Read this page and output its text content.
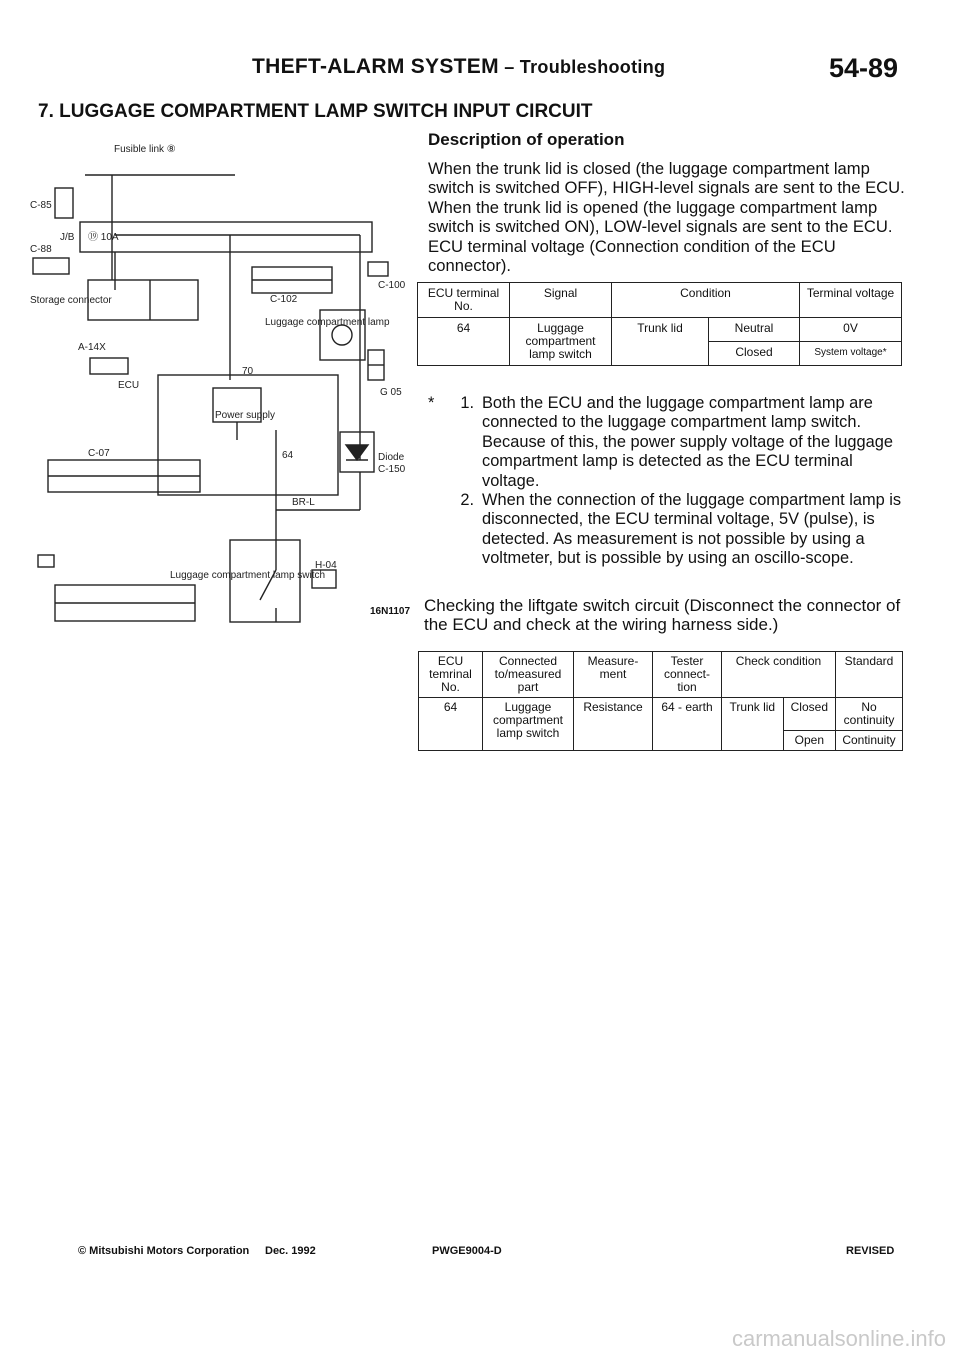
THEFT-ALARM SYSTEM – Troubleshooting	54-89
7. LUGGAGE COMPARTMENT LAMP SWITCH INPUT CIRCUIT
Fusible link ⑧
C-85
J/B ⑲ 10A
C-88
Storage connector
A-14X
ECU
C-07
C-102
Luggage compartment lamp
C-100
G 05
Power supply
Diode
C-150
BR-L
H-04
Luggage compartment lamp switch
70
64
Description of operation
When the trunk lid is closed (the luggage compartment lamp switch is switched OFF), HIGH-level signals are sent to the ECU. When the trunk lid is opened (the luggage compartment lamp switch is switched ON), LOW-level signals are sent to the ECU. ECU terminal voltage (Connection condition of the ECU connector).
ECU terminal No.	Signal	Condition		Terminal voltage
64	Luggage compartment lamp switch	Trunk lid	Neutral	0V
			Closed	System voltage*
*	1. Both the ECU and the luggage compartment lamp are connected to the luggage compartment lamp switch. Because of this, the power supply voltage of the luggage compartment lamp is detected as the ECU terminal voltage.
2. When the connection of the luggage compartment lamp is disconnected, the ECU terminal voltage, 5V (pulse), is detected. As measurement is not possible by using a voltmeter, but is possible by using an oscillo-scope.
16N1107 Checking the liftgate switch circuit (Disconnect the connector of the ECU and check at the wiring harness side.)
ECU temrinal No.	Connected to/measured part	Measure-ment	Tester connect-tion	Check condition		Standard
64	Luggage compartment lamp switch	Resistance	64 - earth	Trunk lid	Closed	No continuity
					Open	Continuity
© Mitsubishi Motors Corporation Dec. 1992	PWGE9004-D	REVISED
carmanualsonline.info
